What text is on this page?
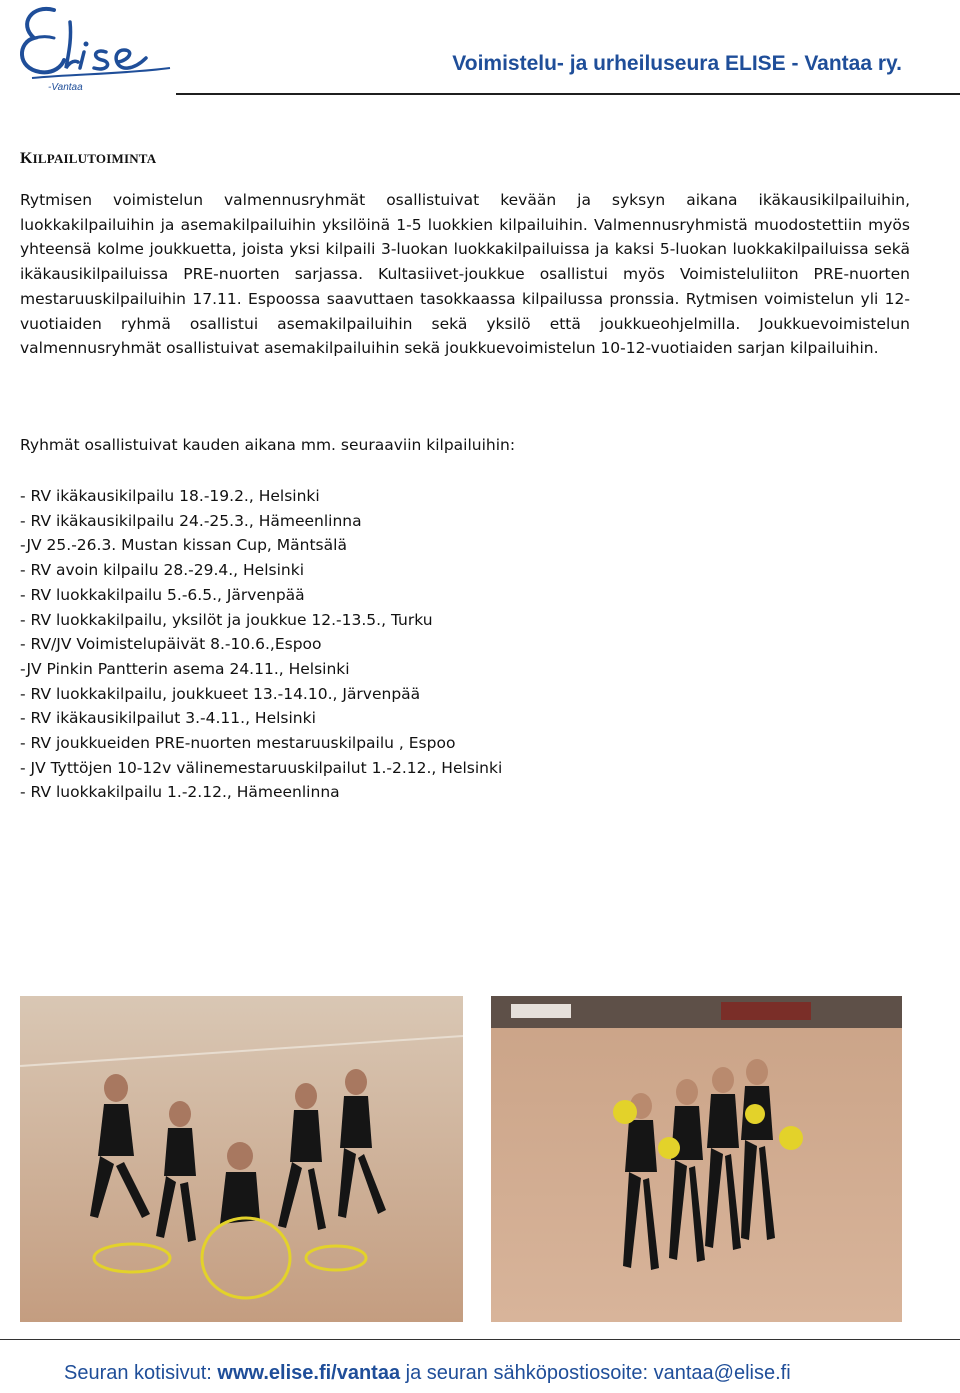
-Vantaa
Voimistelu- ja urheiluseura ELISE - Vantaa ry.
KILPAILUTOIMINTA
Rytmisen voimistelun valmennusryhmät osallistuivat kevään ja syksyn aikana ikäkausikilpailuihin, luokkakilpailuihin ja asemakilpailuihin yksilöinä 1-5 luokkien kilpailuihin. Valmennusryhmistä muodostettiin myös yhteensä kolme joukkuetta, joista yksi kilpaili 3-luokan luokkakilpailuissa ja kaksi 5-luokan luokkakilpailuissa sekä ikäkausikilpailuissa PRE-nuorten sarjassa. Kultasiivet-joukkue osallistui myös Voimisteluliiton PRE-nuorten mestaruuskilpailuihin 17.11. Espoossa saavuttaen tasokkaassa kilpailussa pronssia. Rytmisen voimistelun yli 12-vuotiaiden ryhmä osallistui asemakilpailuihin sekä yksilö että joukkueohjelmilla. Joukkuevoimistelun valmennusryhmät osallistuivat asemakilpailuihin sekä joukkuevoimistelun 10-12-vuotiaiden sarjan kilpailuihin.
Ryhmät osallistuivat kauden aikana mm. seuraaviin kilpailuihin:
- RV ikäkausikilpailu 18.-19.2., Helsinki
- RV ikäkausikilpailu 24.-25.3., Hämeenlinna
-JV 25.-26.3. Mustan kissan Cup, Mäntsälä
- RV avoin kilpailu 28.-29.4., Helsinki
- RV luokkakilpailu 5.-6.5., Järvenpää
- RV luokkakilpailu, yksilöt ja joukkue 12.-13.5., Turku
- RV/JV Voimistelupäivät 8.-10.6.,Espoo
-JV Pinkin Pantterin asema 24.11., Helsinki
- RV luokkakilpailu, joukkueet 13.-14.10., Järvenpää
- RV ikäkausikilpailut 3.-4.11., Helsinki
- RV joukkueiden PRE-nuorten mestaruuskilpailu , Espoo
- JV Tyttöjen 10-12v välinemestaruuskilpailut 1.-2.12., Helsinki
- RV luokkakilpailu 1.-2.12., Hämeenlinna
Seuran kotisivut: www.elise.fi/vantaa ja seuran sähköpostiosoite: vantaa@elise.fi
